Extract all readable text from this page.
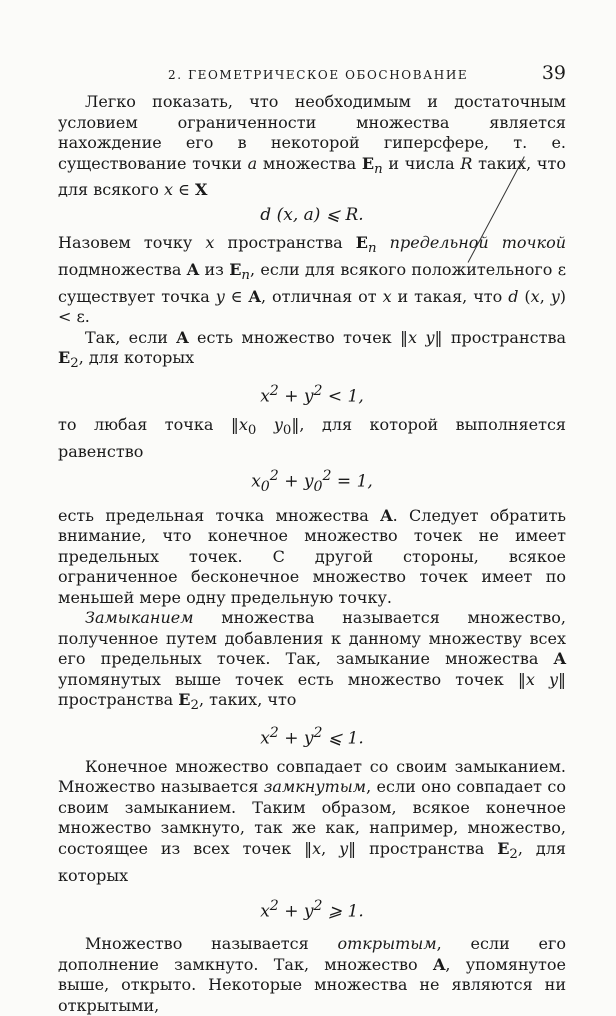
2. ГЕОМЕТРИЧЕСКОЕ ОБОСНОВАНИЕ	39

Легко показать, что необходимым и достаточным условием ограниченности множества является нахождение его в некоторой гиперсфере, т. е. существование точки a множества $E_n$ и числа R таких, что для всякого x ∈ X

d (x, a) ⩽ R.

Назовем точку x пространства $E_n$ предельной точкой подмножества A из $E_n$, если для всякого положительного ε существует точка y ∈ A, отличная от x и такая, что d (x, y) < ε.

Так, если A есть множество точек ‖x y‖ пространства $E_2$, для которых

$x^2 + y^2 < 1$,

то любая точка $‖x_0$ $y_0‖$, для которой выполняется равенство

$x_0^2 + y_0^2 = 1$,

есть предельная точка множества A. Следует обратить внимание, что конечное множество точек не имеет предельных точек. С другой стороны, всякое ограниченное бесконечное множество точек имеет по меньшей мере одну предельную точку.

Замыканием множества называется множество, полученное путем добавления к данному множеству всех его предельных точек. Так, замыкание множества A упомянутых выше точек есть множество точек ‖x y‖ пространства $E_2$, таких, что

$x^2 + y^2$ ⩽ 1.

Конечное множество совпадает со своим замыканием. Множество называется замкнутым, если оно совпадает со своим замыканием. Таким образом, всякое конечное множество замкнуто, так же как, например, множество, состоящее из всех точек ‖x, y‖ пространства $E_2$, для которых

$x^2 + y^2$ ⩾ 1.

Множество называется открытым, если его дополнение замкнуто. Так, множество A, упомянутое выше, открыто. Некоторые множества не являются ни открытыми,
